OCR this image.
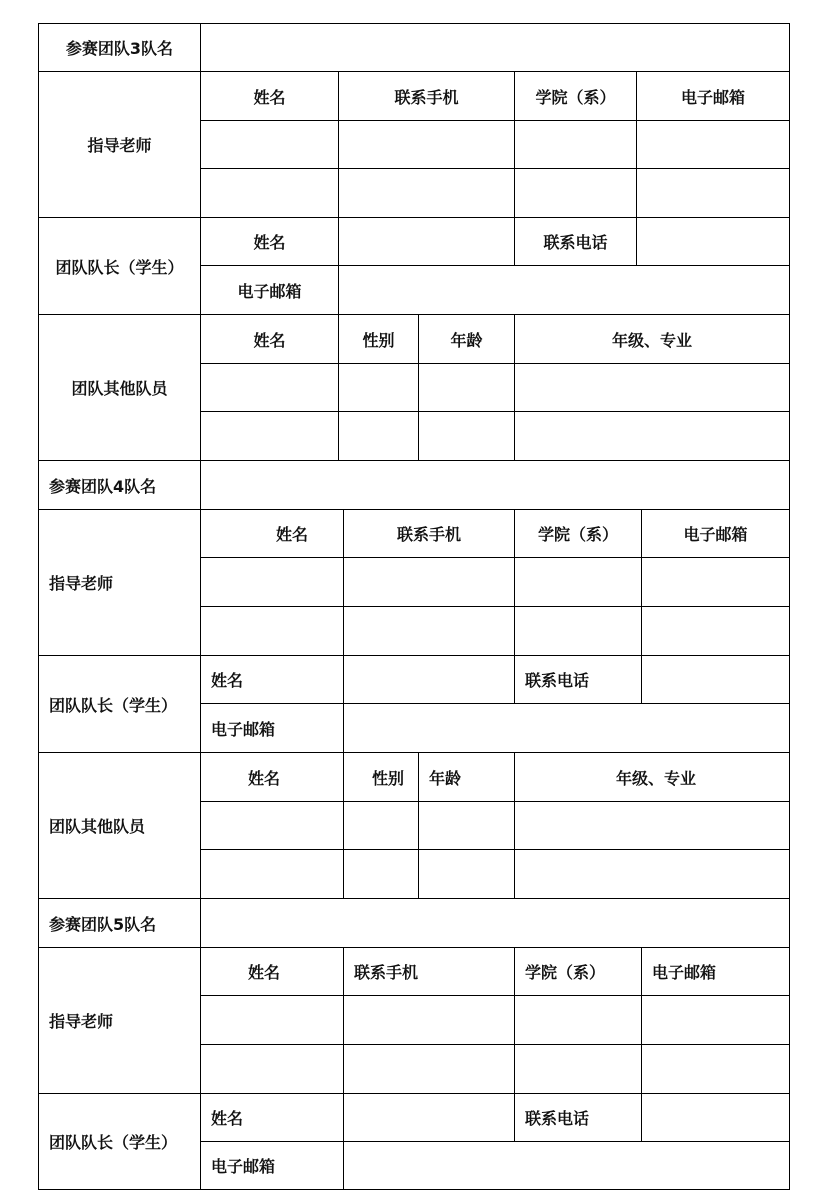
参赛团队3队名
指导老师
姓名	联系手机	学院（系）	电子邮箱
团队队长（学生）
姓名	联系电话
电子邮箱
团队其他队员
姓名	性别	年龄	年级、专业
参赛团队4队名
指导老师
姓名	联系手机	学院（系）	电子邮箱
团队队长（学生）
姓名	联系电话
电子邮箱
团队其他队员
姓名	性别	年龄	年级、专业
参赛团队5队名
指导老师
姓名	联系手机	学院（系）	电子邮箱
团队队长（学生）
姓名	联系电话
电子邮箱
